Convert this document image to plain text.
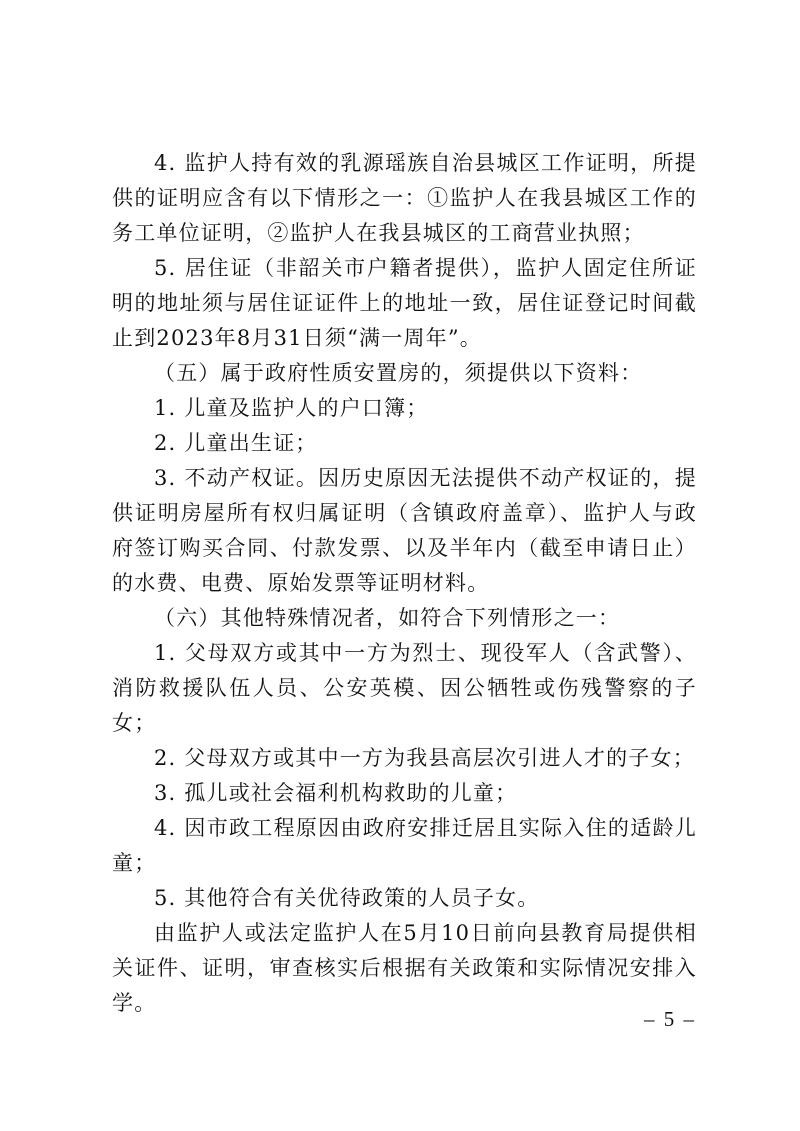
4. 监护人持有效的乳源瑶族自治县城区工作证明，所提供的证明应含有以下情形之一：①监护人在我县城区工作的务工单位证明，②监护人在我县城区的工商营业执照；

5. 居住证（非韶关市户籍者提供），监护人固定住所证明的地址须与居住证证件上的地址一致，居住证登记时间截止到2023年8月31日须“满一周年”。

（五）属于政府性质安置房的，须提供以下资料：

1. 儿童及监护人的户口簿；

2. 儿童出生证；

3. 不动产权证。因历史原因无法提供不动产权证的，提供证明房屋所有权归属证明（含镇政府盖章）、监护人与政府签订购买合同、付款发票、以及半年内（截至申请日止）的水费、电费、原始发票等证明材料。

（六）其他特殊情况者，如符合下列情形之一：

1. 父母双方或其中一方为烈士、现役军人（含武警）、消防救援队伍人员、公安英模、因公牺牲或伤残警察的子女；

2. 父母双方或其中一方为我县高层次引进人才的子女；

3. 孤儿或社会福利机构救助的儿童；

4. 因市政工程原因由政府安排迁居且实际入住的适龄儿童；

5. 其他符合有关优待政策的人员子女。

由监护人或法定监护人在5月10日前向县教育局提供相关证件、证明，审查核实后根据有关政策和实际情况安排入学。

– 5 –
